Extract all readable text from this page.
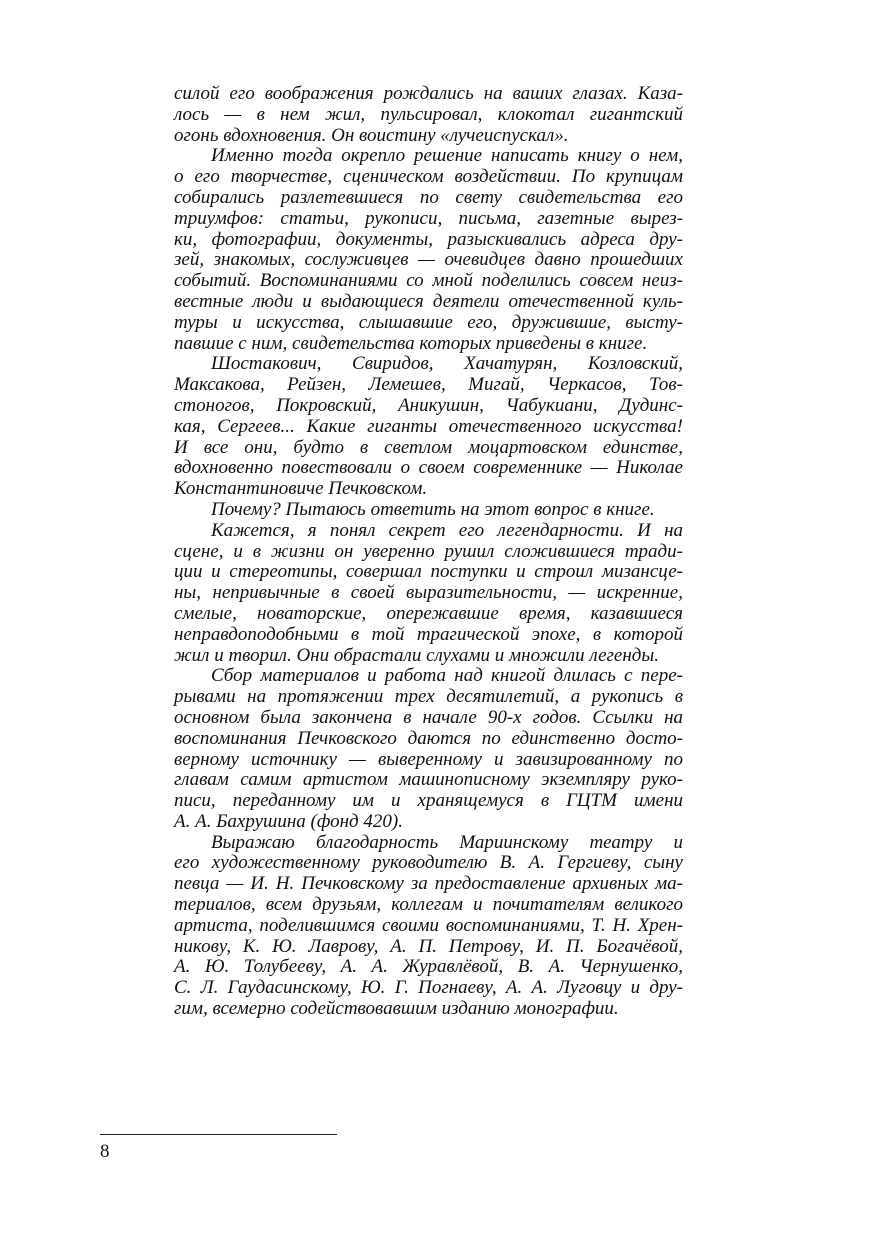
силой его воображения рождались на ваших глазах. Каза-
лось — в нем жил, пульсировал, клокотал гигантский
огонь вдохновения. Он воистину «лучеиспускал».
Именно тогда окрепло решение написать книгу о нем,
о его творчестве, сценическом воздействии. По крупицам
собирались разлетевшиеся по свету свидетельства его
триумфов: статьи, рукописи, письма, газетные вырез-
ки, фотографии, документы, разыскивались адреса дру-
зей, знакомых, сослуживцев — очевидцев давно прошедших
событий. Воспоминаниями со мной поделились совсем неиз-
вестные люди и выдающиеся деятели отечественной куль-
туры и искусства, слышавшие его, дружившие, высту-
павшие с ним, свидетельства которых приведены в книге.
Шостакович, Свиридов, Хачатурян, Козловский,
Максакова, Рейзен, Лемешев, Мигай, Черкасов, Тов-
стоногов, Покровский, Аникушин, Чабукиани, Дудинс-
кая, Сергеев... Какие гиганты отечественного искусства!
И все они, будто в светлом моцартовском единстве,
вдохновенно повествовали о своем современнике — Николае
Константиновиче Печковском.
Почему? Пытаюсь ответить на этот вопрос в книге.
Кажется, я понял секрет его легендарности. И на
сцене, и в жизни он уверенно рушил сложившиеся тради-
ции и стереотипы, совершал поступки и строил мизансце-
ны, непривычные в своей выразительности, — искренние,
смелые, новаторские, опережавшие время, казавшиеся
неправдоподобными в той трагической эпохе, в которой
жил и творил. Они обрастали слухами и множили легенды.
Сбор материалов и работа над книгой длилась с пере-
рывами на протяжении трех десятилетий, а рукопись в
основном была закончена в начале 90-х годов. Ссылки на
воспоминания Печковского даются по единственно досто-
верному источнику — выверенному и завизированному по
главам самим артистом машинописному экземпляру руко-
писи, переданному им и хранящемуся в ГЦТМ имени
А. А. Бахрушина (фонд 420).
Выражаю благодарность Мариинскому театру и
его художественному руководителю В. А. Гергиеву, сыну
певца — И. Н. Печковскому за предоставление архивных ма-
териалов, всем друзьям, коллегам и почитателям великого
артиста, поделившимся своими воспоминаниями, Т. Н. Хрен-
никову, К. Ю. Лаврову, А. П. Петрову, И. П. Богачёвой,
А. Ю. Толубееву, А. А. Журавлёвой, В. А. Чернушенко,
С. Л. Гаудасинскому, Ю. Г. Погнаеву, А. А. Луговцу и дру-
гим, всемерно содействовавшим изданию монографии.
8
